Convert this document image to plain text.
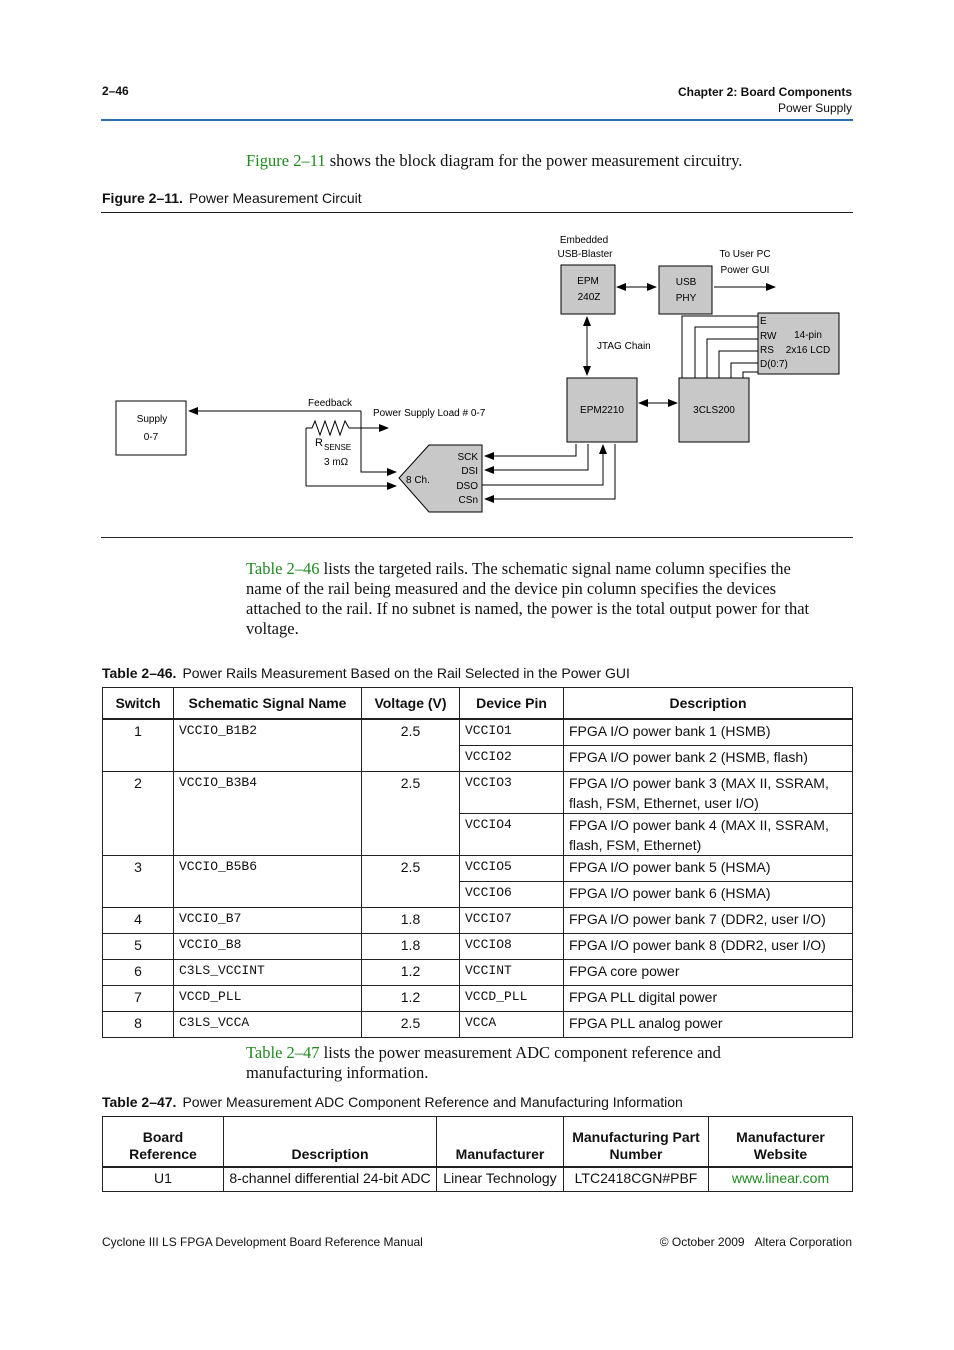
2–46	Chapter 2: Board Components
Power Supply
Figure 2–11 shows the block diagram for the power measurement circuitry.
Figure 2–11. Power Measurement Circuit
Embedded
USB-Blaster	To User PC
Power GUI
EPM
240Z
USB
PHY
E
RW
RS
D(0:7)
14-pin
2x16 LCD
JTAG Chain
EPM2210	3CLS200
Supply
0-7
Feedback
Power Supply Load # 0-7
R SENSE
3 mΩ
8 Ch.
SCK
DSI
DSO
CSn
Table 2–46 lists the targeted rails. The schematic signal name column specifies the
name of the rail being measured and the device pin column specifies the devices
attached to the rail. If no subnet is named, the power is the total output power for that
voltage.
Table 2–46. Power Rails Measurement Based on the Rail Selected in the Power GUI
Switch	Schematic Signal Name	Voltage (V)	Device Pin	Description
1	VCCIO_B1B2	2.5	VCCIO1	FPGA I/O power bank 1 (HSMB)

			VCCIO2	FPGA I/O power bank 2 (HSMB, flash)

2	VCCIO_B3B4	2.5	VCCIO3	FPGA I/O power bank 3 (MAX II, SSRAM,
flash, FSM, Ethernet, user I/O)

			VCCIO4	FPGA I/O power bank 4 (MAX II, SSRAM,
flash, FSM, Ethernet)

3	VCCIO_B5B6	2.5	VCCIO5	FPGA I/O power bank 5 (HSMA)

			VCCIO6	FPGA I/O power bank 6 (HSMA)

4	VCCIO_B7	1.8	VCCIO7	FPGA I/O power bank 7 (DDR2, user I/O)

5	VCCIO_B8	1.8	VCCIO8	FPGA I/O power bank 8 (DDR2, user I/O)

6	C3LS_VCCINT	1.2	VCCINT	FPGA core power

7	VCCD_PLL	1.2	VCCD_PLL	FPGA PLL digital power

8	C3LS_VCCA	2.5	VCCA	FPGA PLL analog power
Table 2–47 lists the power measurement ADC component reference and
manufacturing information.
Table 2–47. Power Measurement ADC Component Reference and Manufacturing Information
Board Reference	Description	Manufacturer	Manufacturing Part Number	Manufacturer Website
U1	8-channel differential 24-bit ADC	Linear Technology	LTC2418CGN#PBF	www.linear.com
Cyclone III LS FPGA Development Board Reference Manual	© October 2009 Altera Corporation
